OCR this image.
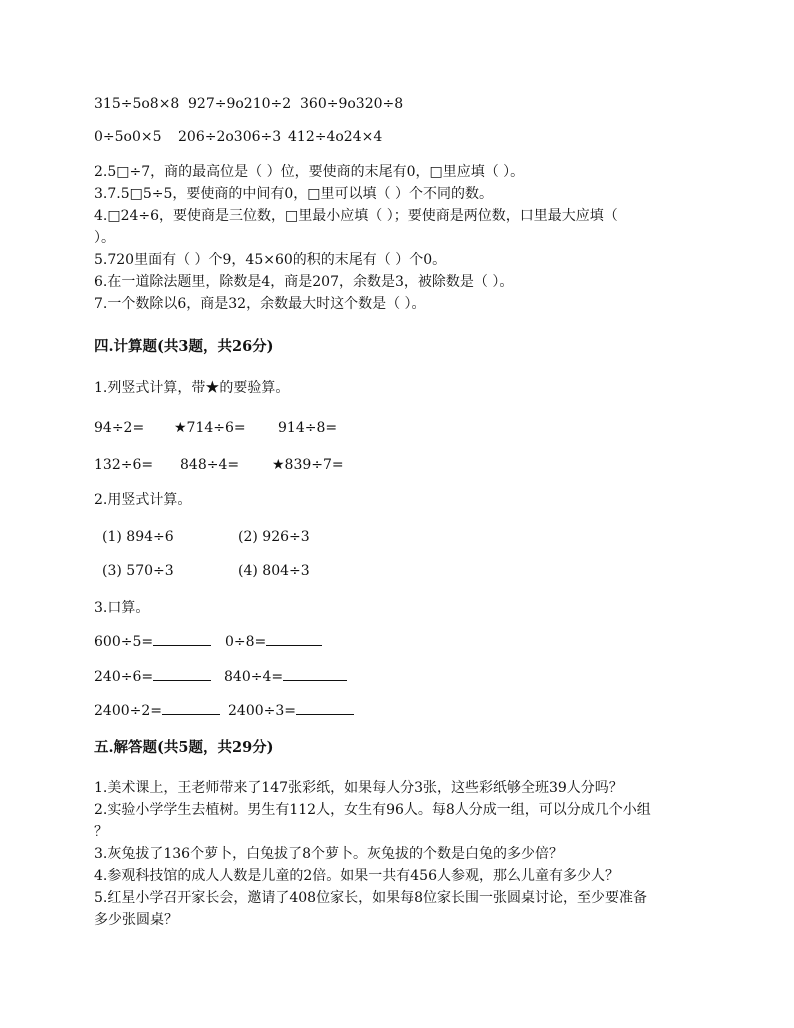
315÷5o8×8 927÷9o210÷2 360÷9o320÷8
0÷5o0×5 206÷2o306÷3 412÷4o24×4
2.5□÷7，商的最高位是（ ）位，要使商的末尾有0，□里应填（ ）。
3.7.5□5÷5，要使商的中间有0，□里可以填（ ）个不同的数。
4.□24÷6，要使商是三位数，□里最小应填（ ）；要使商是两位数，口里最大应填（
）。
5.720里面有（ ）个9，45×60的积的末尾有（ ）个0。
6.在一道除法题里，除数是4，商是207，余数是3，被除数是（ ）。
7.一个数除以6，商是32，余数最大时这个数是（ ）。
四.计算题(共3题，共26分)
1.列竖式计算，带★的要验算。
94÷2= ★714÷6= 914÷8=
132÷6= 848÷4= ★839÷7=
2.用竖式计算。
(1) 894÷6	(2) 926÷3
(3) 570÷3	(4) 804÷3
3.口算。
600÷5=	0÷8=
240÷6=	840÷4=
2400÷2=	2400÷3=
五.解答题(共5题，共29分)
1.美术课上，王老师带来了147张彩纸，如果每人分3张，这些彩纸够全班39人分吗？
2.实验小学学生去植树。男生有112人，女生有96人。每8人分成一组，可以分成几个小组
？
3.灰兔拔了136个萝卜，白兔拔了8个萝卜。灰兔拔的个数是白兔的多少倍？
4.参观科技馆的成人人数是儿童的2倍。如果一共有456人参观，那么儿童有多少人？
5.红星小学召开家长会，邀请了408位家长，如果每8位家长围一张圆桌讨论，至少要准备
多少张圆桌？
